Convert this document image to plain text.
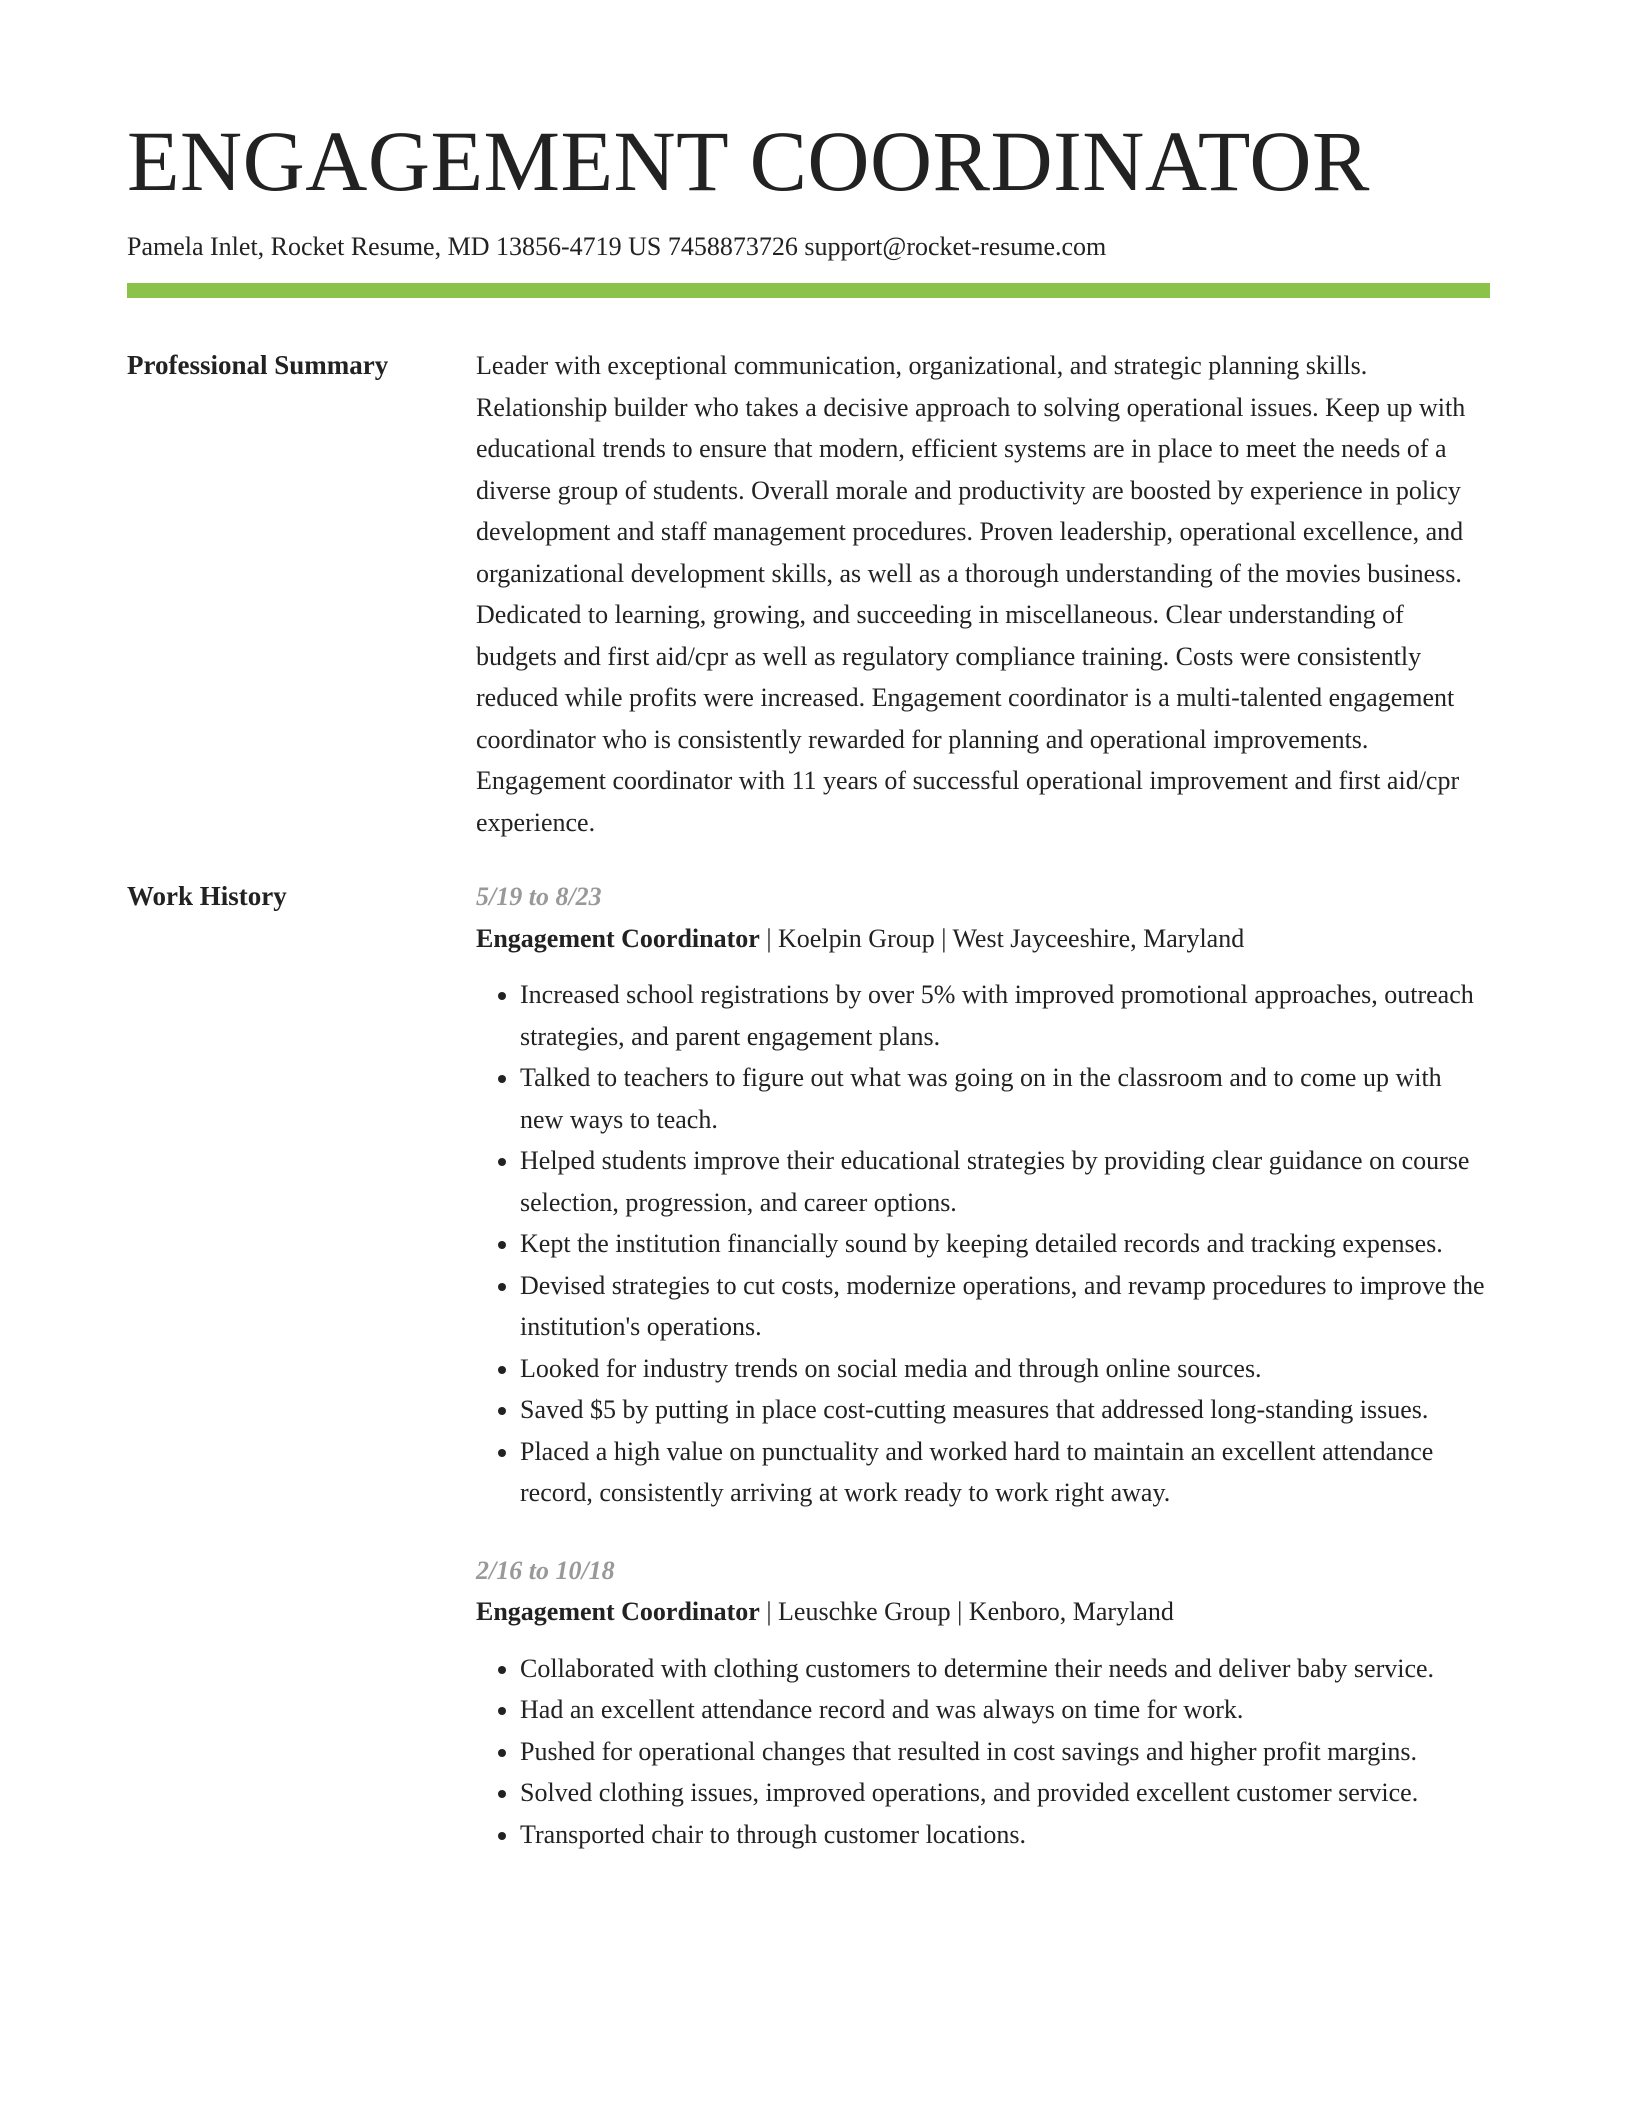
ENGAGEMENT COORDINATOR
Pamela Inlet, Rocket Resume, MD 13856-4719 US 7458873726 support@rocket-resume.com
Professional Summary	Leader with exceptional communication, organizational, and strategic planning skills. Relationship builder who takes a decisive approach to solving operational issues. Keep up with educational trends to ensure that modern, efficient systems are in place to meet the needs of a diverse group of students. Overall morale and productivity are boosted by experience in policy development and staff management procedures. Proven leadership, operational excellence, and organizational development skills, as well as a thorough understanding of the movies business. Dedicated to learning, growing, and succeeding in miscellaneous. Clear understanding of budgets and first aid/cpr as well as regulatory compliance training. Costs were consistently reduced while profits were increased. Engagement coordinator is a multi-talented engagement coordinator who is consistently rewarded for planning and operational improvements. Engagement coordinator with 11 years of successful operational improvement and first aid/cpr experience.

Work History	5/19 to 8/23
Engagement Coordinator | Koelpin Group | West Jayceeshire, Maryland
• Increased school registrations by over 5% with improved promotional approaches, outreach strategies, and parent engagement plans.
• Talked to teachers to figure out what was going on in the classroom and to come up with new ways to teach.
• Helped students improve their educational strategies by providing clear guidance on course selection, progression, and career options.
• Kept the institution financially sound by keeping detailed records and tracking expenses.
• Devised strategies to cut costs, modernize operations, and revamp procedures to improve the institution's operations.
• Looked for industry trends on social media and through online sources.
• Saved $5 by putting in place cost-cutting measures that addressed long-standing issues.
• Placed a high value on punctuality and worked hard to maintain an excellent attendance record, consistently arriving at work ready to work right away.
2/16 to 10/18
Engagement Coordinator | Leuschke Group | Kenboro, Maryland
• Collaborated with clothing customers to determine their needs and deliver baby service.
• Had an excellent attendance record and was always on time for work.
• Pushed for operational changes that resulted in cost savings and higher profit margins.
• Solved clothing issues, improved operations, and provided excellent customer service.
• Transported chair to through customer locations.
